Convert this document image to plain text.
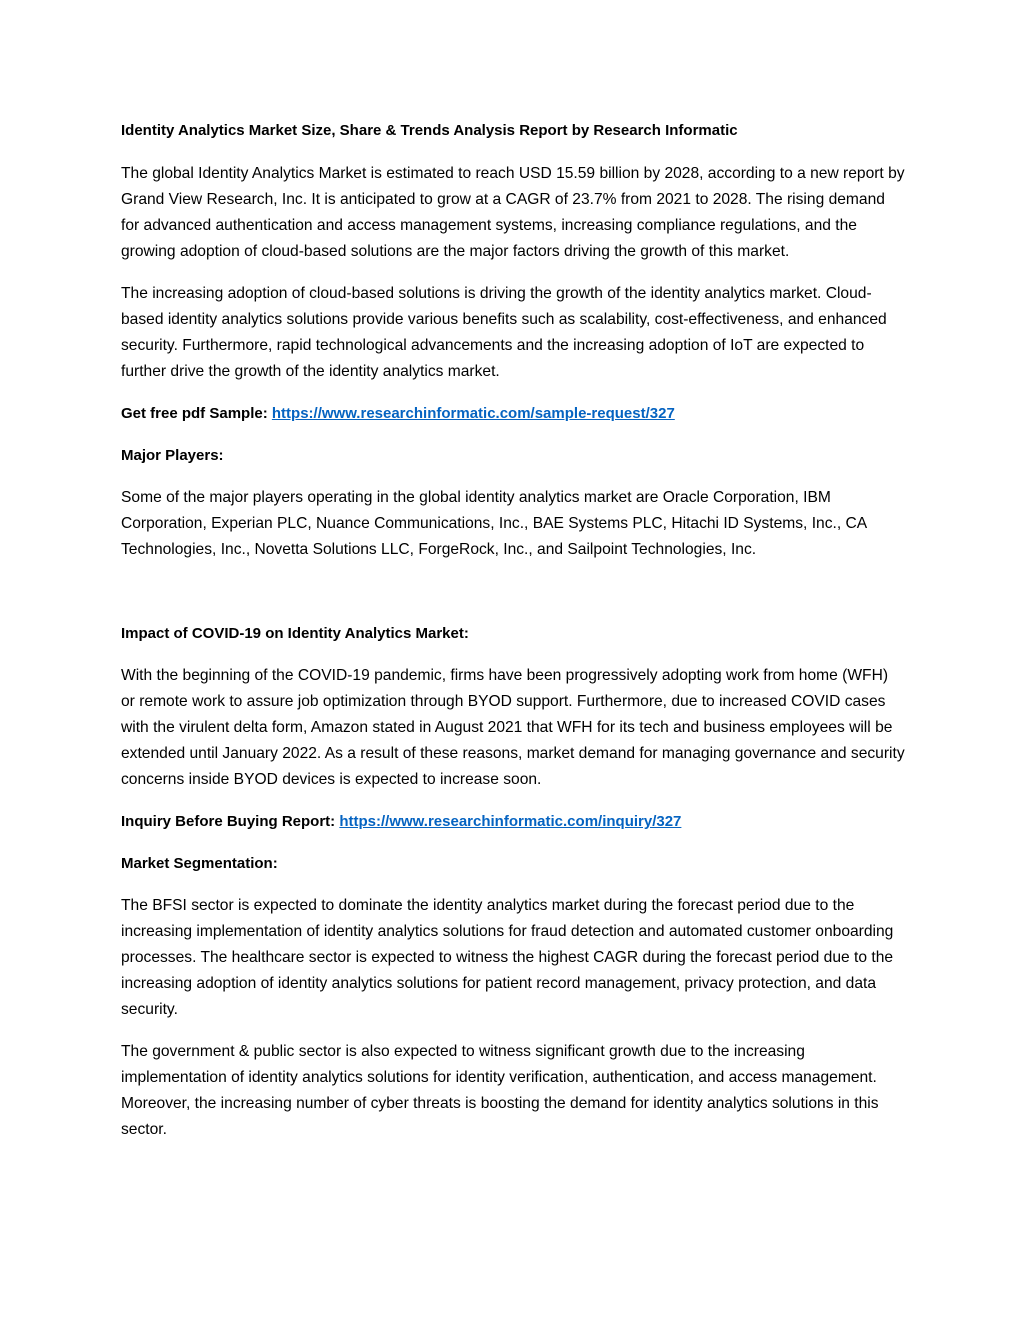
Identity Analytics Market Size, Share & Trends Analysis Report by Research Informatic

The global Identity Analytics Market is estimated to reach USD 15.59 billion by 2028, according to a new report by Grand View Research, Inc. It is anticipated to grow at a CAGR of 23.7% from 2021 to 2028. The rising demand for advanced authentication and access management systems, increasing compliance regulations, and the growing adoption of cloud-based solutions are the major factors driving the growth of this market.

The increasing adoption of cloud-based solutions is driving the growth of the identity analytics market. Cloud-based identity analytics solutions provide various benefits such as scalability, cost-effectiveness, and enhanced security. Furthermore, rapid technological advancements and the increasing adoption of IoT are expected to further drive the growth of the identity analytics market.

Get free pdf Sample: https://www.researchinformatic.com/sample-request/327
Major Players:

Some of the major players operating in the global identity analytics market are Oracle Corporation, IBM Corporation, Experian PLC, Nuance Communications, Inc., BAE Systems PLC, Hitachi ID Systems, Inc., CA Technologies, Inc., Novetta Solutions LLC, ForgeRock, Inc., and Sailpoint Technologies, Inc.

Impact of COVID-19 on Identity Analytics Market:

With the beginning of the COVID-19 pandemic, firms have been progressively adopting work from home (WFH) or remote work to assure job optimization through BYOD support. Furthermore, due to increased COVID cases with the virulent delta form, Amazon stated in August 2021 that WFH for its tech and business employees will be extended until January 2022. As a result of these reasons, market demand for managing governance and security concerns inside BYOD devices is expected to increase soon.

Inquiry Before Buying Report: https://www.researchinformatic.com/inquiry/327
Market Segmentation:

The BFSI sector is expected to dominate the identity analytics market during the forecast period due to the increasing implementation of identity analytics solutions for fraud detection and automated customer onboarding processes. The healthcare sector is expected to witness the highest CAGR during the forecast period due to the increasing adoption of identity analytics solutions for patient record management, privacy protection, and data security.

The government & public sector is also expected to witness significant growth due to the increasing implementation of identity analytics solutions for identity verification, authentication, and access management. Moreover, the increasing number of cyber threats is boosting the demand for identity analytics solutions in this sector.
